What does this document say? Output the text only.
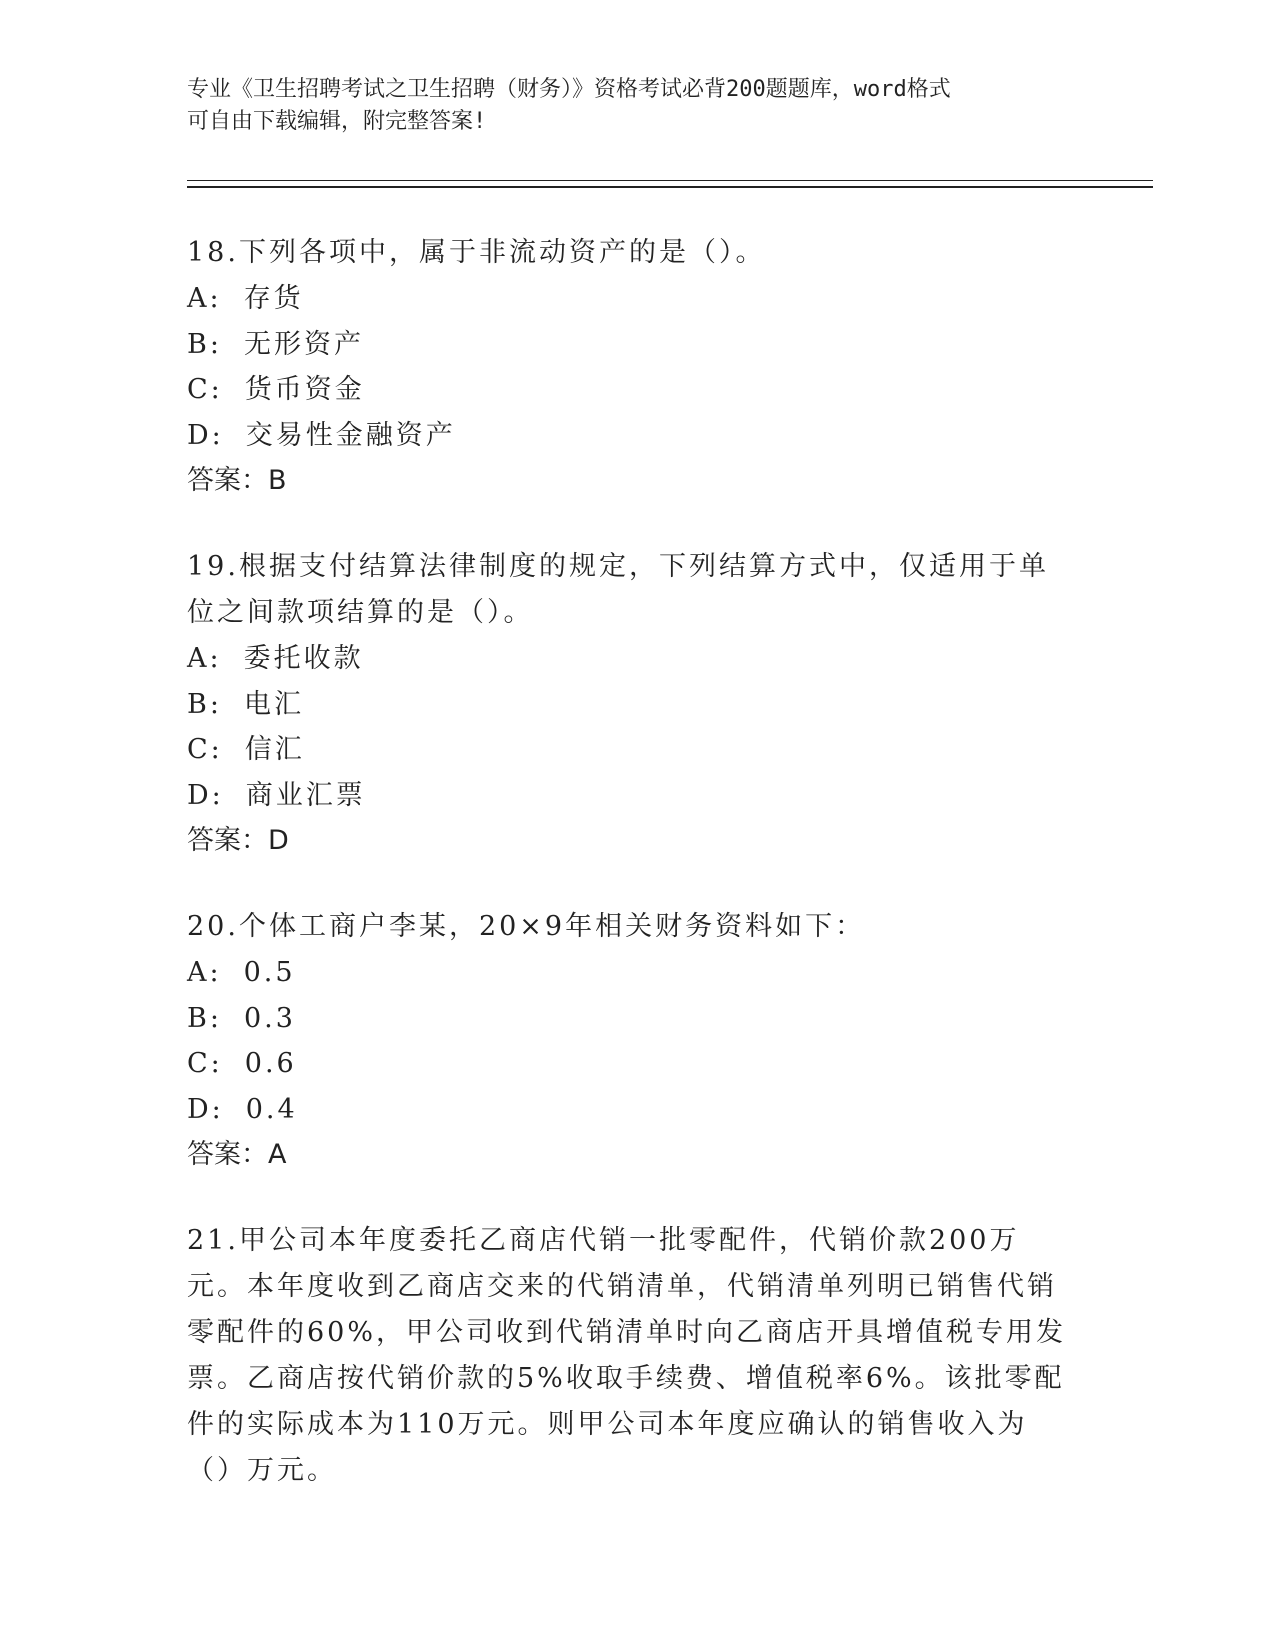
专业《卫生招聘考试之卫生招聘（财务）》资格考试必背200题题库，word格式
可自由下载编辑，附完整答案!

18.下列各项中，属于非流动资产的是（）。

A: 存货

B: 无形资产

C: 货币资金

D: 交易性金融资产

答案：B

19.根据支付结算法律制度的规定，下列结算方式中，仅适用于单位之间款项结算的是（）。

A: 委托收款

B: 电汇

C: 信汇

D: 商业汇票

答案：D

20.个体工商户李某，20×9年相关财务资料如下：

A: 0.5

B: 0.3

C: 0.6

D: 0.4

答案：A

21.甲公司本年度委托乙商店代销一批零配件，代销价款200万元。本年度收到乙商店交来的代销清单，代销清单列明已销售代销零配件的60%，甲公司收到代销清单时向乙商店开具增值税专用发票。乙商店按代销价款的5%收取手续费、增值税率6%。该批零配件的实际成本为110万元。则甲公司本年度应确认的销售收入为（）万元。
